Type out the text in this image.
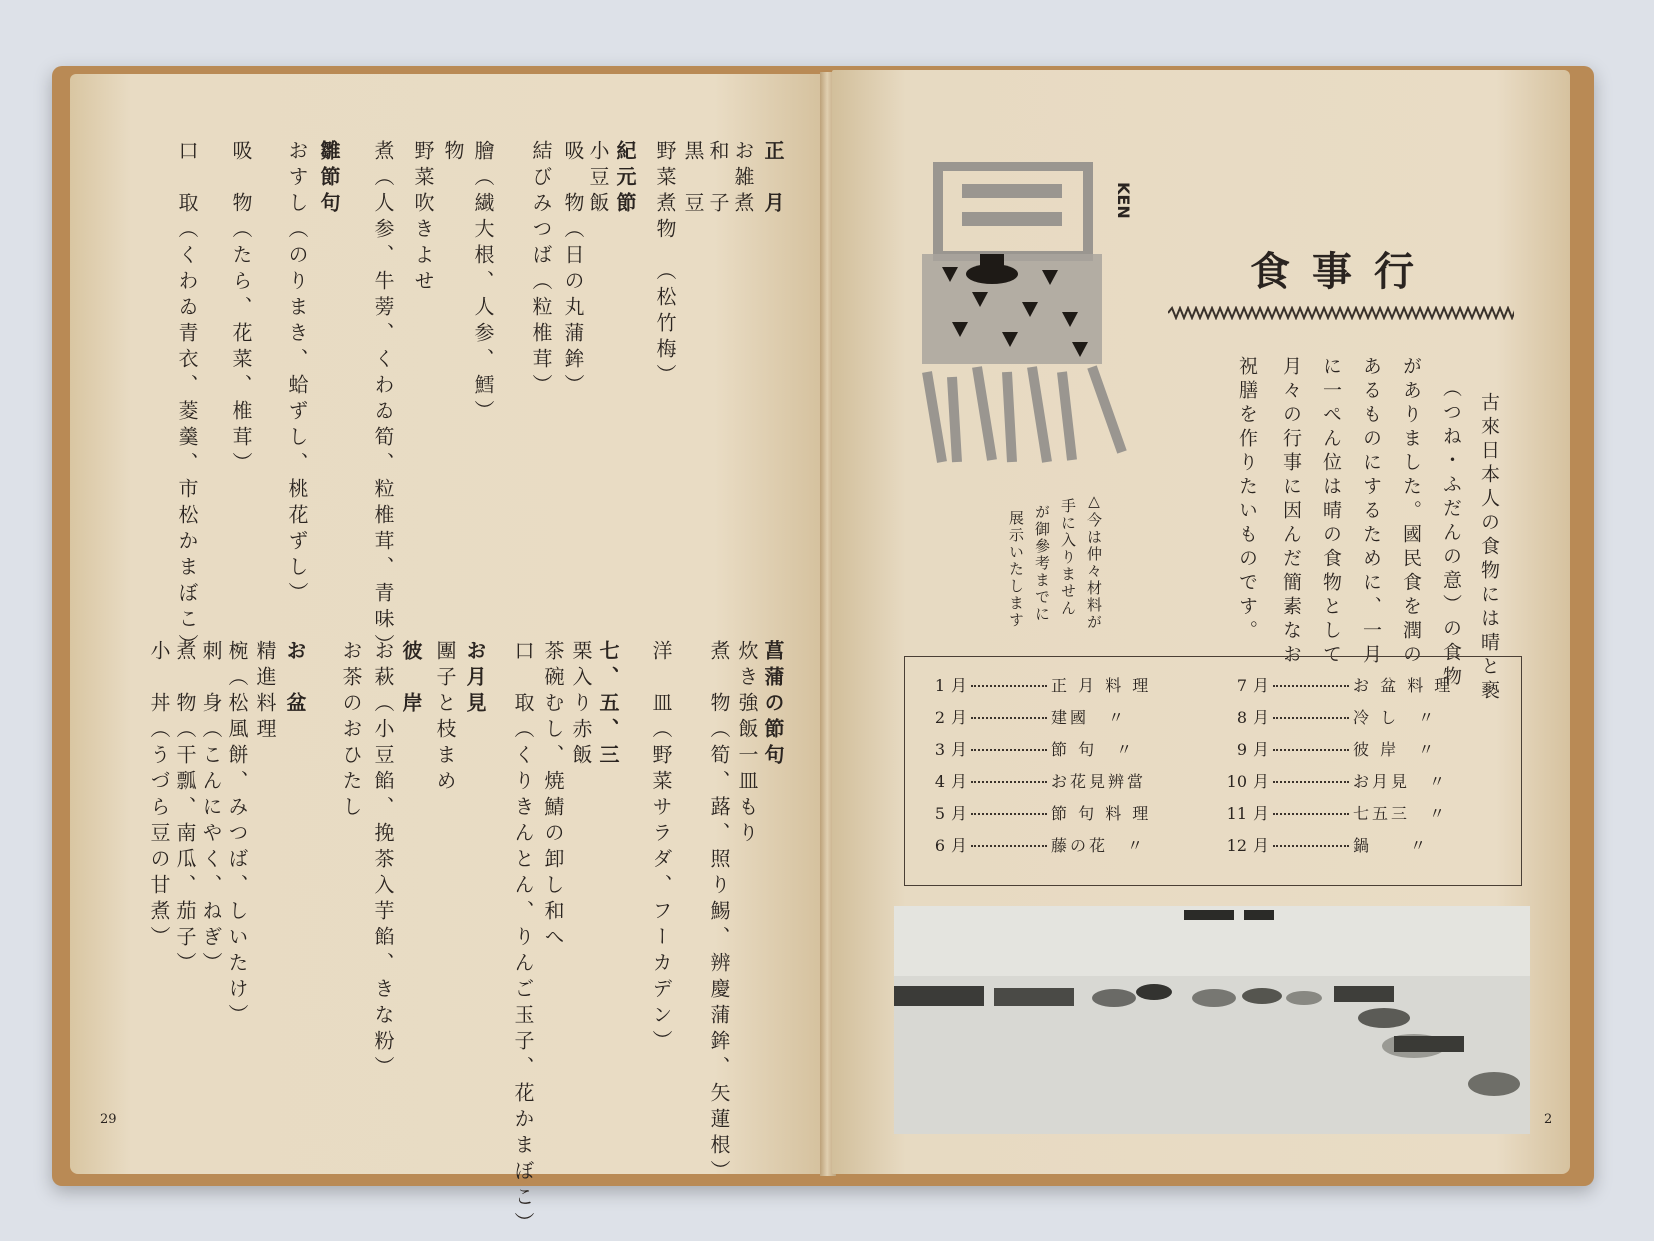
正　月
お雑煮
和　子
黒　豆
野菜煮物　（松竹梅）
紀元節
小豆飯
吸　物（日の丸蒲鉾）
結びみつば（粒椎茸）
膾（繊大根、人参、鱈）
物
野菜吹きよせ
煮（人参、牛蒡、くわゐ筍、粒椎茸、青味）
雛節句
おすし（のりまき、蛤ずし、桃花ずし）
吸　物（たら、花菜、椎茸）
口　取（くわゐ青衣、菱羹、市松かまぼこ）
菖蒲の節句
炊き強飯一皿もり
煮　物（筍、蕗、照り鯣、辨慶蒲鉾、矢蓮根）
洋　皿（野菜サラダ、フーカデン）
七、五、三
栗入り赤飯
茶碗むし、焼鯖の卸し和へ
口　取（くりきんとん、りんご玉子、花かまぼこ）
お月見
團子と枝まめ
彼　岸
お萩（小豆餡、挽茶入芋餡、きな粉）
お茶のおひたし
お　盆
精進料理
椀（松風餅、みつば、しいたけ）
刺　身（こんにやく、ねぎ）
煮　物（干瓢、南瓜、茄子）
小　丼（うづら豆の甘煮）
29
KEN
食事行
古來日本人の食物には晴と褻
（つね・ふだんの意）の食物
がありました。國民食を潤の
あるものにするために、一月
に一ぺん位は晴の食物として
月々の行事に因んだ簡素なお
祝膳を作りたいものです。
△今は仲々材料が
手に入りません
が御參考までに
展示いたします
1 月	正 月 料 理
2 月	建國　〃
3 月	節 句　〃
4 月	お花見辨當
5 月	節 句 料 理
6 月	藤の花　〃
7 月	お 盆 料 理
8 月	冷 し　〃
9 月	彼 岸　〃
10 月	お月見　〃
11 月	七五三　〃
12 月	鍋　　〃
2
